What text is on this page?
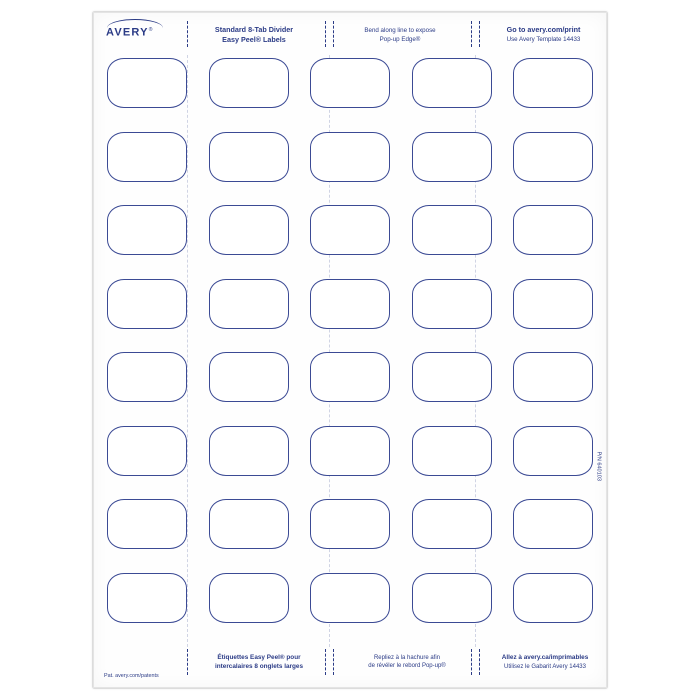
AVERY®	Standard 8-Tab Divider
Easy Peel® Labels
Bend along line to expose
Pop-up Edge®
Go to avery.com/print
Use Avery Template 14433
Étiquettes Easy Peel® pour
intercalaires 8 onglets larges
Repliez à la hachure afin
de révéler le rebord Pop-up®
Allez à avery.ca/imprimables
Utilisez le Gabarit Avery 14433
Pat. avery.com/patents
P/N 640103
